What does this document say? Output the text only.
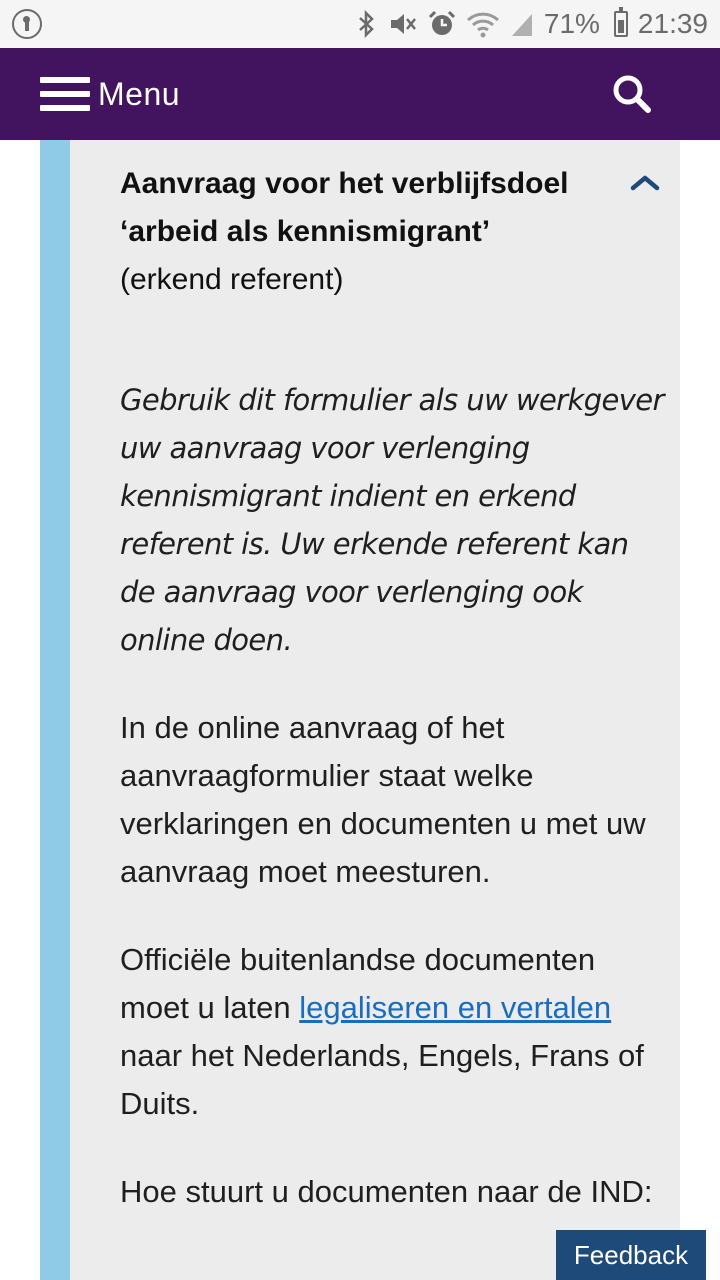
71% 21:39
Menu
Aanvraag voor het verblijfsdoel ‘arbeid als kennismigrant’ (erkend referent)

Gebruik dit formulier als uw werkgever uw aanvraag voor verlenging kennismigrant indient en erkend referent is. Uw erkende referent kan de aanvraag voor verlenging ook online doen.

In de online aanvraag of het aanvraagformulier staat welke verklaringen en documenten u met uw aanvraag moet meesturen.

Officiële buitenlandse documenten moet u laten legaliseren en vertalen naar het Nederlands, Engels, Frans of Duits.

Hoe stuurt u documenten naar de IND:

Feedback
